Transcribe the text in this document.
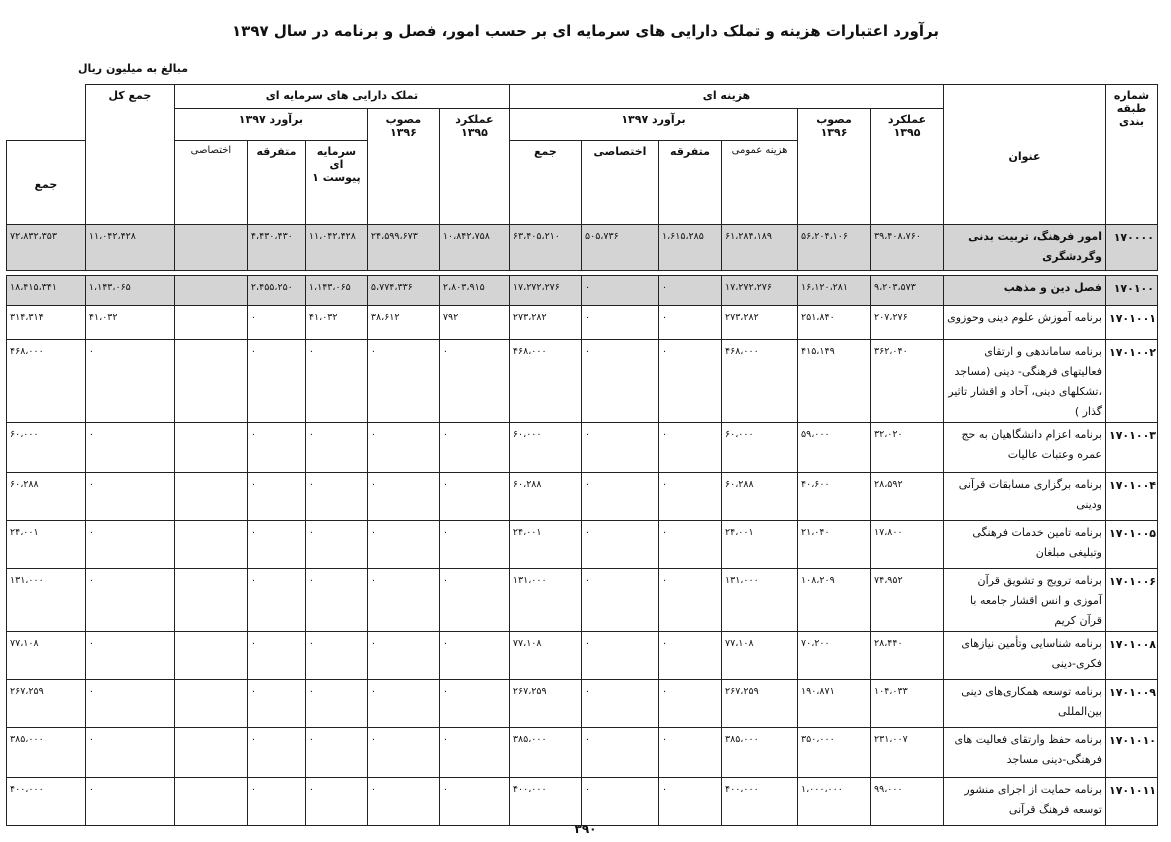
برآورد اعتبارات هزینه و تملک دارایی های سرمایه ای بر حسب امور، فصل و برنامه در سال ۱۳۹۷
مبالغ به میلیون ریال
شماره طبقه بندی	عنوان	هزینه ای						تملک دارایی های سرمایه ای					جمع کل	
		عملکرد ۱۳۹۵	مصوب ۱۳۹۶	برآورد ۱۳۹۷				عملکرد ۱۳۹۵	مصوب ۱۳۹۶	برآورد ۱۳۹۷				
				هزینه عمومی	متفرقه	اختصاصی	جمع			سرمایه ای پیوست ۱	متفرقه	اختصاصی		جمع
۱۷۰۰۰۰	امور فرهنگ، تربیت بدنی وگردشگری	۳۹،۴۰۸،۷۶۰	۵۶،۲۰۴،۱۰۶	۶۱،۲۸۴،۱۸۹	۱،۶۱۵،۲۸۵	۵۰۵،۷۳۶	۶۳،۴۰۵،۲۱۰	۱۰،۸۴۲،۷۵۸	۲۴،۵۹۹،۶۷۳	۱۱،۰۴۲،۴۲۸	۴،۴۳۰،۴۳۰		۱۱،۰۴۲،۴۲۸	۷۲،۸۳۲،۳۵۳

۱۷۰۱۰۰	فصل دین و مذهب	۹،۲۰۳،۵۷۳	۱۶،۱۲۰،۲۸۱	۱۷،۲۷۲،۲۷۶	۰	۰	۱۷،۲۷۲،۲۷۶	۲،۸۰۳،۹۱۵	۵،۷۷۴،۳۳۶	۱،۱۴۳،۰۶۵	۲،۴۵۵،۲۵۰		۱،۱۴۳،۰۶۵	۱۸،۴۱۵،۳۴۱
۱۷۰۱۰۰۱	برنامه آموزش علوم دینی وحوزوی	۲۰۷،۲۷۶	۲۵۱،۸۴۰	۲۷۳،۲۸۲	۰	۰	۲۷۳،۲۸۲	۷۹۲	۳۸،۶۱۲	۴۱،۰۳۲	۰		۴۱،۰۳۲	۳۱۴،۳۱۴
۱۷۰۱۰۰۲	برنامه ساماندهی و ارتقای فعالیتهای فرهنگی- دینی (مساجد ،تشکلهای دینی، آحاد و اقشار تاثیر گذار )	۳۶۲،۰۴۰	۴۱۵،۱۴۹	۴۶۸،۰۰۰	۰	۰	۴۶۸،۰۰۰	۰	۰	۰	۰		۰	۴۶۸،۰۰۰
۱۷۰۱۰۰۳	برنامه اعزام دانشگاهیان به حج عمره وعتبات عالیات	۳۲،۰۲۰	۵۹،۰۰۰	۶۰،۰۰۰	۰	۰	۶۰،۰۰۰	۰	۰	۰	۰		۰	۶۰،۰۰۰
۱۷۰۱۰۰۴	برنامه برگزاری مسابقات قرآنی ودینی	۲۸،۵۹۲	۴۰،۶۰۰	۶۰،۲۸۸	۰	۰	۶۰،۲۸۸	۰	۰	۰	۰		۰	۶۰،۲۸۸
۱۷۰۱۰۰۵	برنامه تامین خدمات فرهنگی وتبلیغی مبلغان	۱۷،۸۰۰	۲۱،۰۴۰	۲۴،۰۰۱	۰	۰	۲۴،۰۰۱	۰	۰	۰	۰		۰	۲۴،۰۰۱
۱۷۰۱۰۰۶	برنامه ترویج و تشویق قرآن آموزی و انس اقشار جامعه با قرآن کریم	۷۴،۹۵۲	۱۰۸،۲۰۹	۱۳۱،۰۰۰	۰	۰	۱۳۱،۰۰۰	۰	۰	۰	۰		۰	۱۳۱،۰۰۰
۱۷۰۱۰۰۸	برنامه شناسایی وتأمین نیازهای فکری-دینی	۲۸،۴۴۰	۷۰،۲۰۰	۷۷،۱۰۸	۰	۰	۷۷،۱۰۸	۰	۰	۰	۰		۰	۷۷،۱۰۸
۱۷۰۱۰۰۹	برنامه توسعه همکاری‌های دینی بین‌المللی	۱۰۴،۰۳۳	۱۹۰،۸۷۱	۲۶۷،۲۵۹	۰	۰	۲۶۷،۲۵۹	۰	۰	۰	۰		۰	۲۶۷،۲۵۹
۱۷۰۱۰۱۰	برنامه حفظ وارتقای فعالیت های فرهنگی-دینی مساجد	۲۳۱،۰۰۷	۳۵۰،۰۰۰	۳۸۵،۰۰۰	۰	۰	۳۸۵،۰۰۰	۰	۰	۰	۰		۰	۳۸۵،۰۰۰
۱۷۰۱۰۱۱	برنامه حمایت از اجرای منشور توسعه فرهنگ قرآنی	۹۹،۰۰۰	۱،۰۰۰،۰۰۰	۴۰۰،۰۰۰	۰	۰	۴۰۰،۰۰۰	۰	۰	۰	۰		۰	۴۰۰،۰۰۰
۳۹۰
